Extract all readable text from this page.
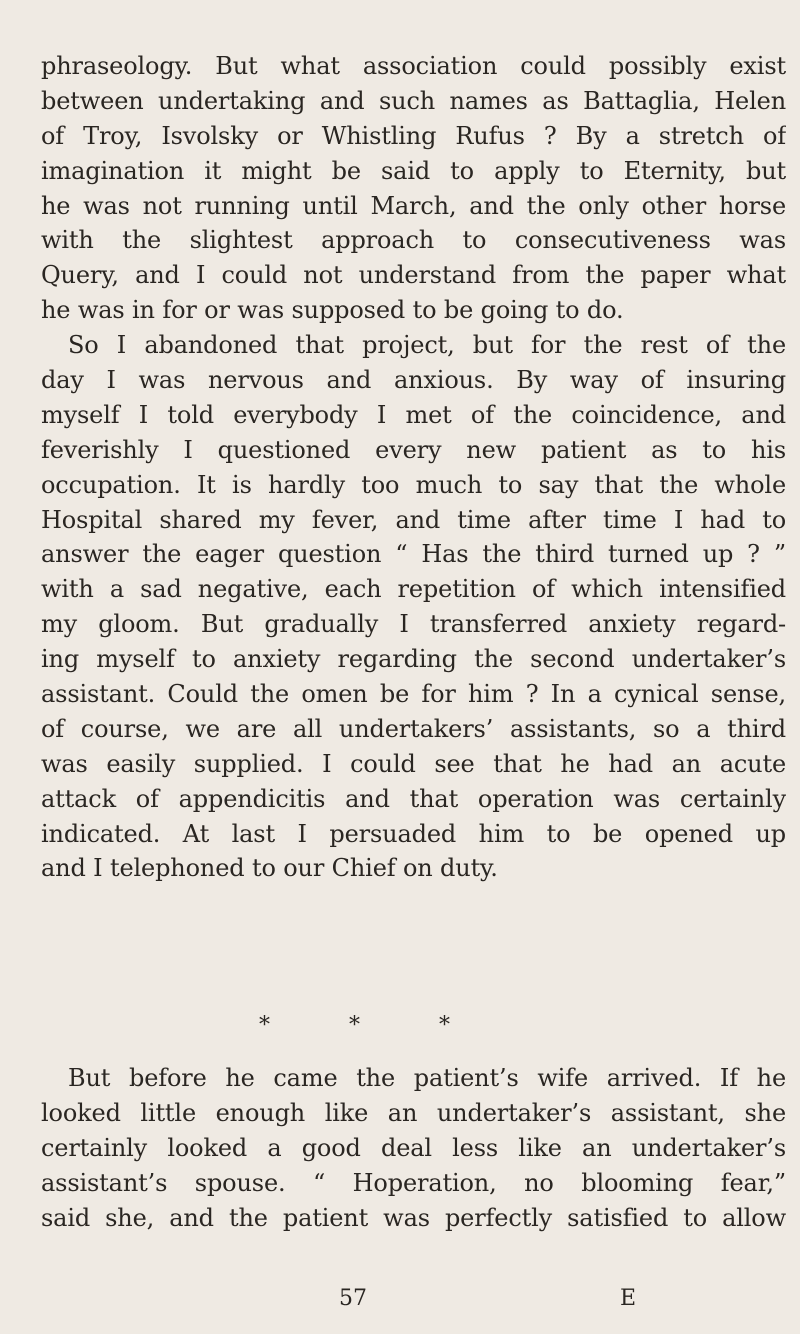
phraseology. But what association could possibly exist
between undertaking and such names as Battaglia, Helen
of Troy, Isvolsky or Whistling Rufus ? By a stretch of
imagination it might be said to apply to Eternity, but
he was not running until March, and the only other horse
with the slightest approach to consecutiveness was
Query, and I could not understand from the paper what
he was in for or was supposed to be going to do.
So I abandoned that project, but for the rest of the
day I was nervous and anxious. By way of insuring
myself I told everybody I met of the coincidence, and
feverishly I questioned every new patient as to his
occupation. It is hardly too much to say that the whole
Hospital shared my fever, and time after time I had to
answer the eager question “ Has the third turned up ? ”
with a sad negative, each repetition of which intensified
my gloom. But gradually I transferred anxiety regard-
ing myself to anxiety regarding the second undertaker’s
assistant. Could the omen be for him ? In a cynical sense,
of course, we are all undertakers’ assistants, so a third
was easily supplied. I could see that he had an acute
attack of appendicitis and that operation was certainly
indicated. At last I persuaded him to be opened up
and I telephoned to our Chief on duty.
*	*	*
But before he came the patient’s wife arrived. If he
looked little enough like an undertaker’s assistant, she
certainly looked a good deal less like an undertaker’s
assistant’s spouse. “ Hoperation, no blooming fear,”
said she, and the patient was perfectly satisfied to allow
57	E
